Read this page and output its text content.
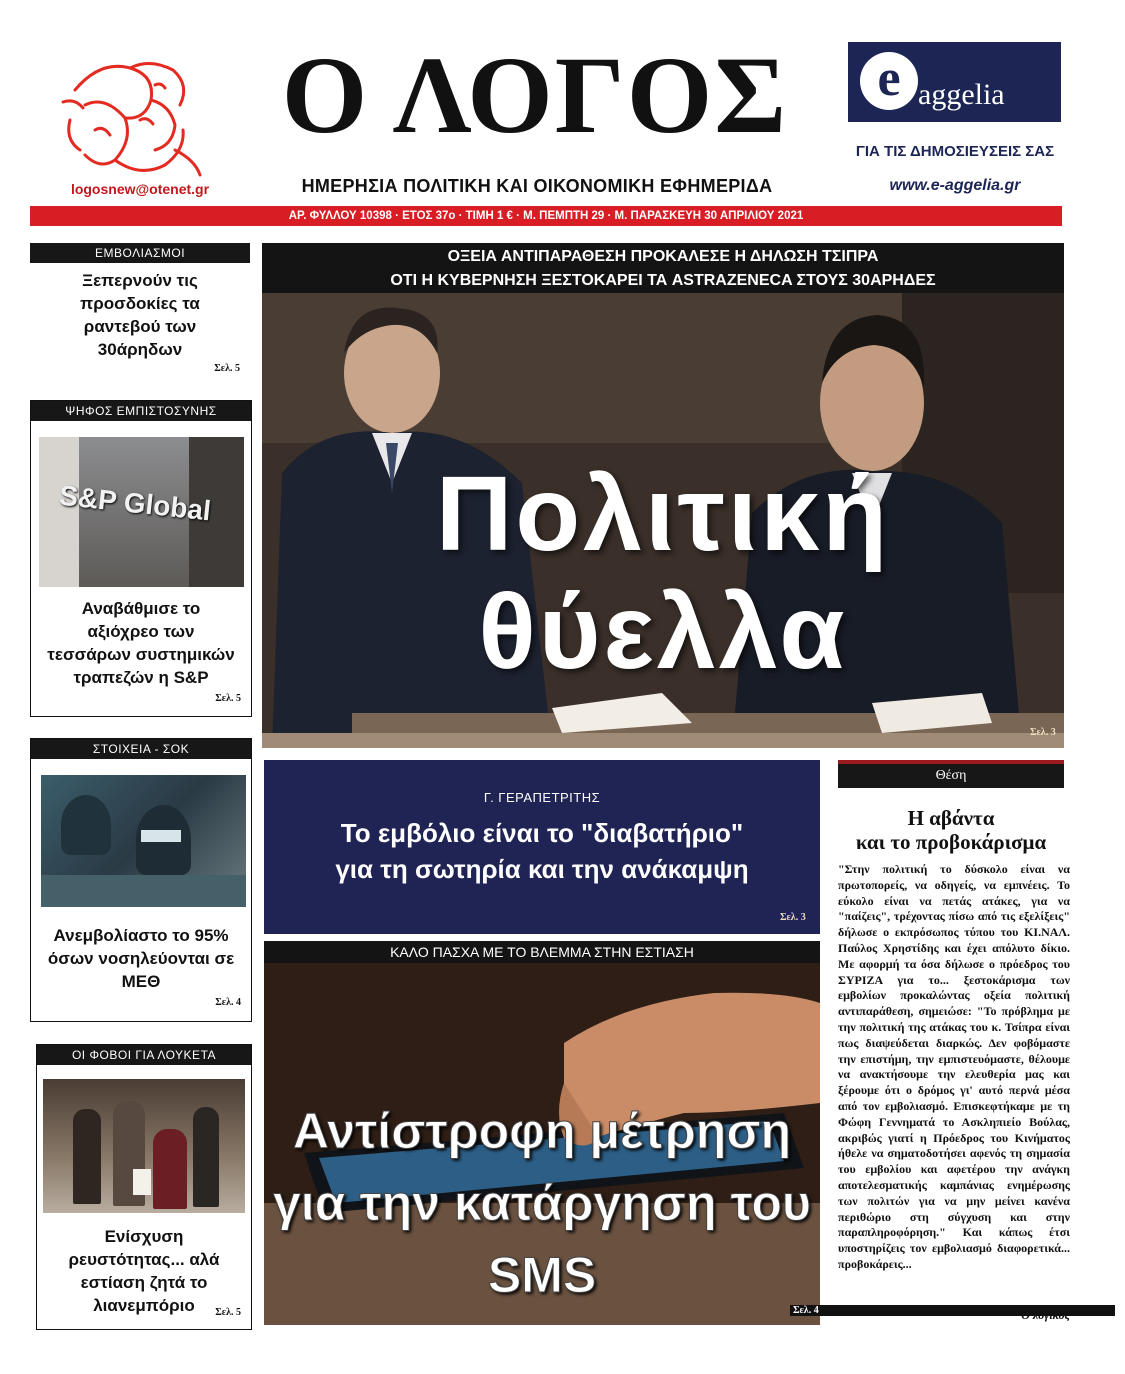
logosnew@otenet.gr
Ο ΛΟΓΟΣ
ΗΜΕΡΗΣΙΑ ΠΟΛΙΤΙΚΗ ΚΑΙ ΟΙΚΟΝΟΜΙΚΗ ΕΦΗΜΕΡΙΔΑ
e aggelia
ΓΙΑ ΤΙΣ ΔΗΜΟΣΙΕΥΣΕΙΣ ΣΑΣ
www.e-aggelia.gr
ΑΡ. ΦΥΛΛΟΥ 10398 · ΕΤΟΣ 37ο · ΤΙΜΗ 1 € · Μ. ΠΕΜΠΤΗ 29 · Μ. ΠΑΡΑΣΚΕΥΗ 30 ΑΠΡΙΛΙΟΥ 2021
ΕΜΒΟΛΙΑΣΜΟΙ
Ξεπερνούν τις προσδοκίες τα ραντεβού των 30άρηδων
Σελ. 5
ΨΗΦΟΣ ΕΜΠΙΣΤΟΣΥΝΗΣ
S&P Global
Αναβάθμισε το αξιόχρεο των τεσσάρων συστημικών τραπεζών η S&P
Σελ. 5
ΣΤΟΙΧΕΙΑ - ΣΟΚ
Ανεμβολίαστο το 95% όσων νοσηλεύονται σε ΜΕΘ
Σελ. 4
ΟΙ ΦΟΒΟΙ ΓΙΑ ΛΟΥΚΕΤΑ
Ενίσχυση ρευστότητας... αλά εστίαση ζητά το λιανεμπόριο	Σελ. 5
ΟΞΕΙΑ ΑΝΤΙΠΑΡΑΘΕΣΗ ΠΡΟΚΑΛΕΣΕ Η ΔΗΛΩΣΗ ΤΣΙΠΡΑ
ΟΤΙ Η ΚΥΒΕΡΝΗΣΗ ΞΕΣΤΟΚΑΡΕΙ ΤΑ ASTRAZENECA ΣΤΟΥΣ 30ΑΡΗΔΕΣ
Πολιτική
θύελλα
Σελ. 3
Γ. ΓΕΡΑΠΕΤΡΙΤΗΣ
Το εμβόλιο είναι το "διαβατήριο"
για τη σωτηρία και την ανάκαμψη
Σελ. 3
ΚΑΛΟ ΠΑΣΧΑ ΜΕ ΤΟ ΒΛΕΜΜΑ ΣΤΗΝ ΕΣΤΙΑΣΗ
Αντίστροφη μέτρηση
για την κατάργηση του SMS
Σελ. 4
Θέση
Η αβάντα
και το προβοκάρισμα
"Στην πολιτική το δύσκολο είναι να πρωτοπορείς, να οδηγείς, να εμπνέεις. Το εύκολο είναι να πετάς ατάκες, για να "παίζεις", τρέχοντας πίσω από τις εξελίξεις" δήλωσε ο εκπρόσωπος τύπου του ΚΙ.ΝΑΛ. Παύλος Χρηστίδης και έχει απόλυτο δίκιο. Με αφορμή τα όσα δήλωσε ο πρόεδρος του ΣΥΡΙΖΑ για το... ξεστοκάρισμα των εμβολίων προκαλώντας οξεία πολιτική αντιπαράθεση, σημειώσε: "Το πρόβλημα με την πολιτική της ατάκας του κ. Τσίπρα είναι πως διαψεύδεται διαρκώς. Δεν φοβόμαστε την επιστήμη, την εμπιστευόμαστε, θέλουμε να ανακτήσουμε την ελευθερία μας και ξέρουμε ότι ο δρόμος γι' αυτό περνά μέσα από τον εμβολιασμό. Επισκεφτήκαμε με τη Φώφη Γεννηματά το Ασκληπιείο Βούλας, ακριβώς γιατί η Πρόεδρος του Κινήματος ήθελε να σηματοδοτήσει αφενός τη σημασία του εμβολίου και αφετέρου την ανάγκη αποτελεσματικής καμπάνιας ενημέρωσης των πολιτών για να μην μείνει κανένα περιθώριο στη σύγχυση και στην παραπληροφόρηση." Και κάπως έτσι υποστηρίζεις τον εμβολιασμό διαφορετικά... προβοκάρεις...
Ο λογικός
